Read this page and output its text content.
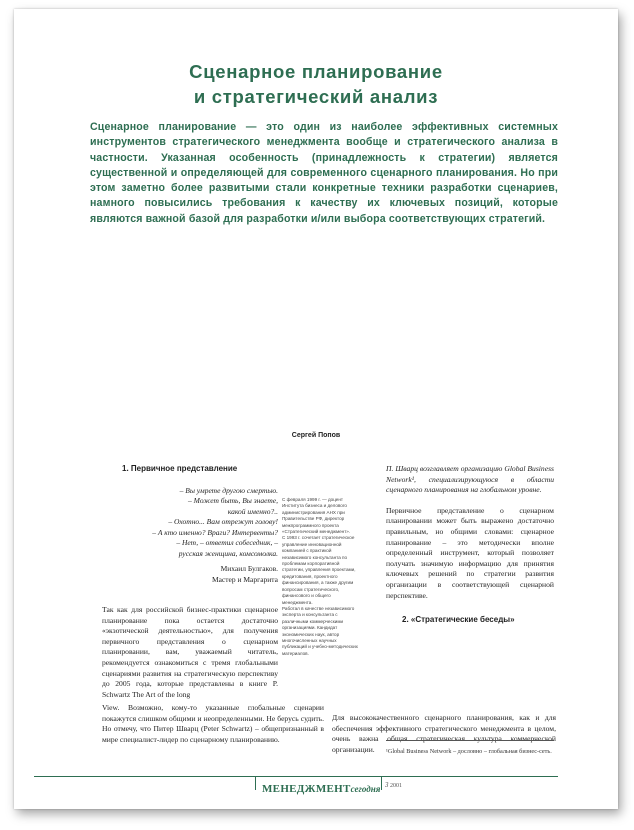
Сценарное планирование
и стратегический анализ

Сценарное планирование — это один из наиболее эффективных системных инструментов стратегического менеджмента вообще и стратегического анализа в частности. Указанная особенность (принадлежность к стратегии) является существенной и определяющей для современного сценарного планирования. Но при этом заметно более развитыми стали конкретные техники разработки сценариев, намного повысились требования к качеству их ключевых позиций, которые являются важной базой для разработки и/или выбора соответствующих стратегий.

Сергей Попов
1. Первичное представление
– Вы умрете другою смертью.
– Может быть, Вы знаете,
какой именно?..
– Охотно... Вам отрежут голову!
– А кто именно? Враги? Интервенты?
– Нет, – ответил собеседник, –
русская женщина, комсомолка.
Михаил Булгаков.
Мастер и Маргарита

Так как для российской бизнес-практики сценарное планирование пока остается достаточно «экзотической деятельностью», для получения первичного представления о сценарном планировании, вам, уважаемый читатель, рекомендуется ознакомиться с тремя глобальными сценариями развития на стратегическую перспективу до 2005 года, которые представлены в книге P. Schwartz The Art of the long

View. Возможно, кому-то указанные глобальные сценарии покажутся слишком общими и неопределенными. Не берусь судить. Но отмечу, что Питер Шварц (Peter Schwartz) – общепризнанный в мире специалист-лидер по сценарному планированию.

С февраля 1999 г. — доцент Института бизнеса и делового администрирования АНХ при Правительстве РФ, директор межпрограммного проекта «Стратегический менеджмент».

С 1993 г. сочетает стратегическое управление инновационной компанией с практикой независимого консультанта по проблемам корпоративной стратегии, управления проектами, кредитования, проектного финансирования, а также другим вопросам стратегического, финансового и общего менеджмента.

Работал в качестве независимого эксперта и консультанта с различными коммерческими организациями. Кандидат экономических наук, автор многочисленных научных публикаций и учебно-методических материалов.

П. Шварц возглавляет организацию Global Business Network¹, специализирующуюся в области сценарного планирования на глобальном уровне.

Первичное представление о сценарном планировании может быть выражено достаточно правильным, но общими словами: сценарное планирование – это методически вполне определенный инструмент, который позволяет получать значимую информацию для принятия ключевых решений по стратегии развития организации в соответствующей сценарной перспективе.

2. «Стратегические беседы»
Для высококачественного сценарного планирования, как и для обеспечения эффективного стратегического менеджмента в целом, очень важна общая стратегическая культура коммерческой организации.	¹Global Business Network – дословно – глобальная бизнес-сеть.
МЕНЕДЖМЕНТсегодня 3 2001
